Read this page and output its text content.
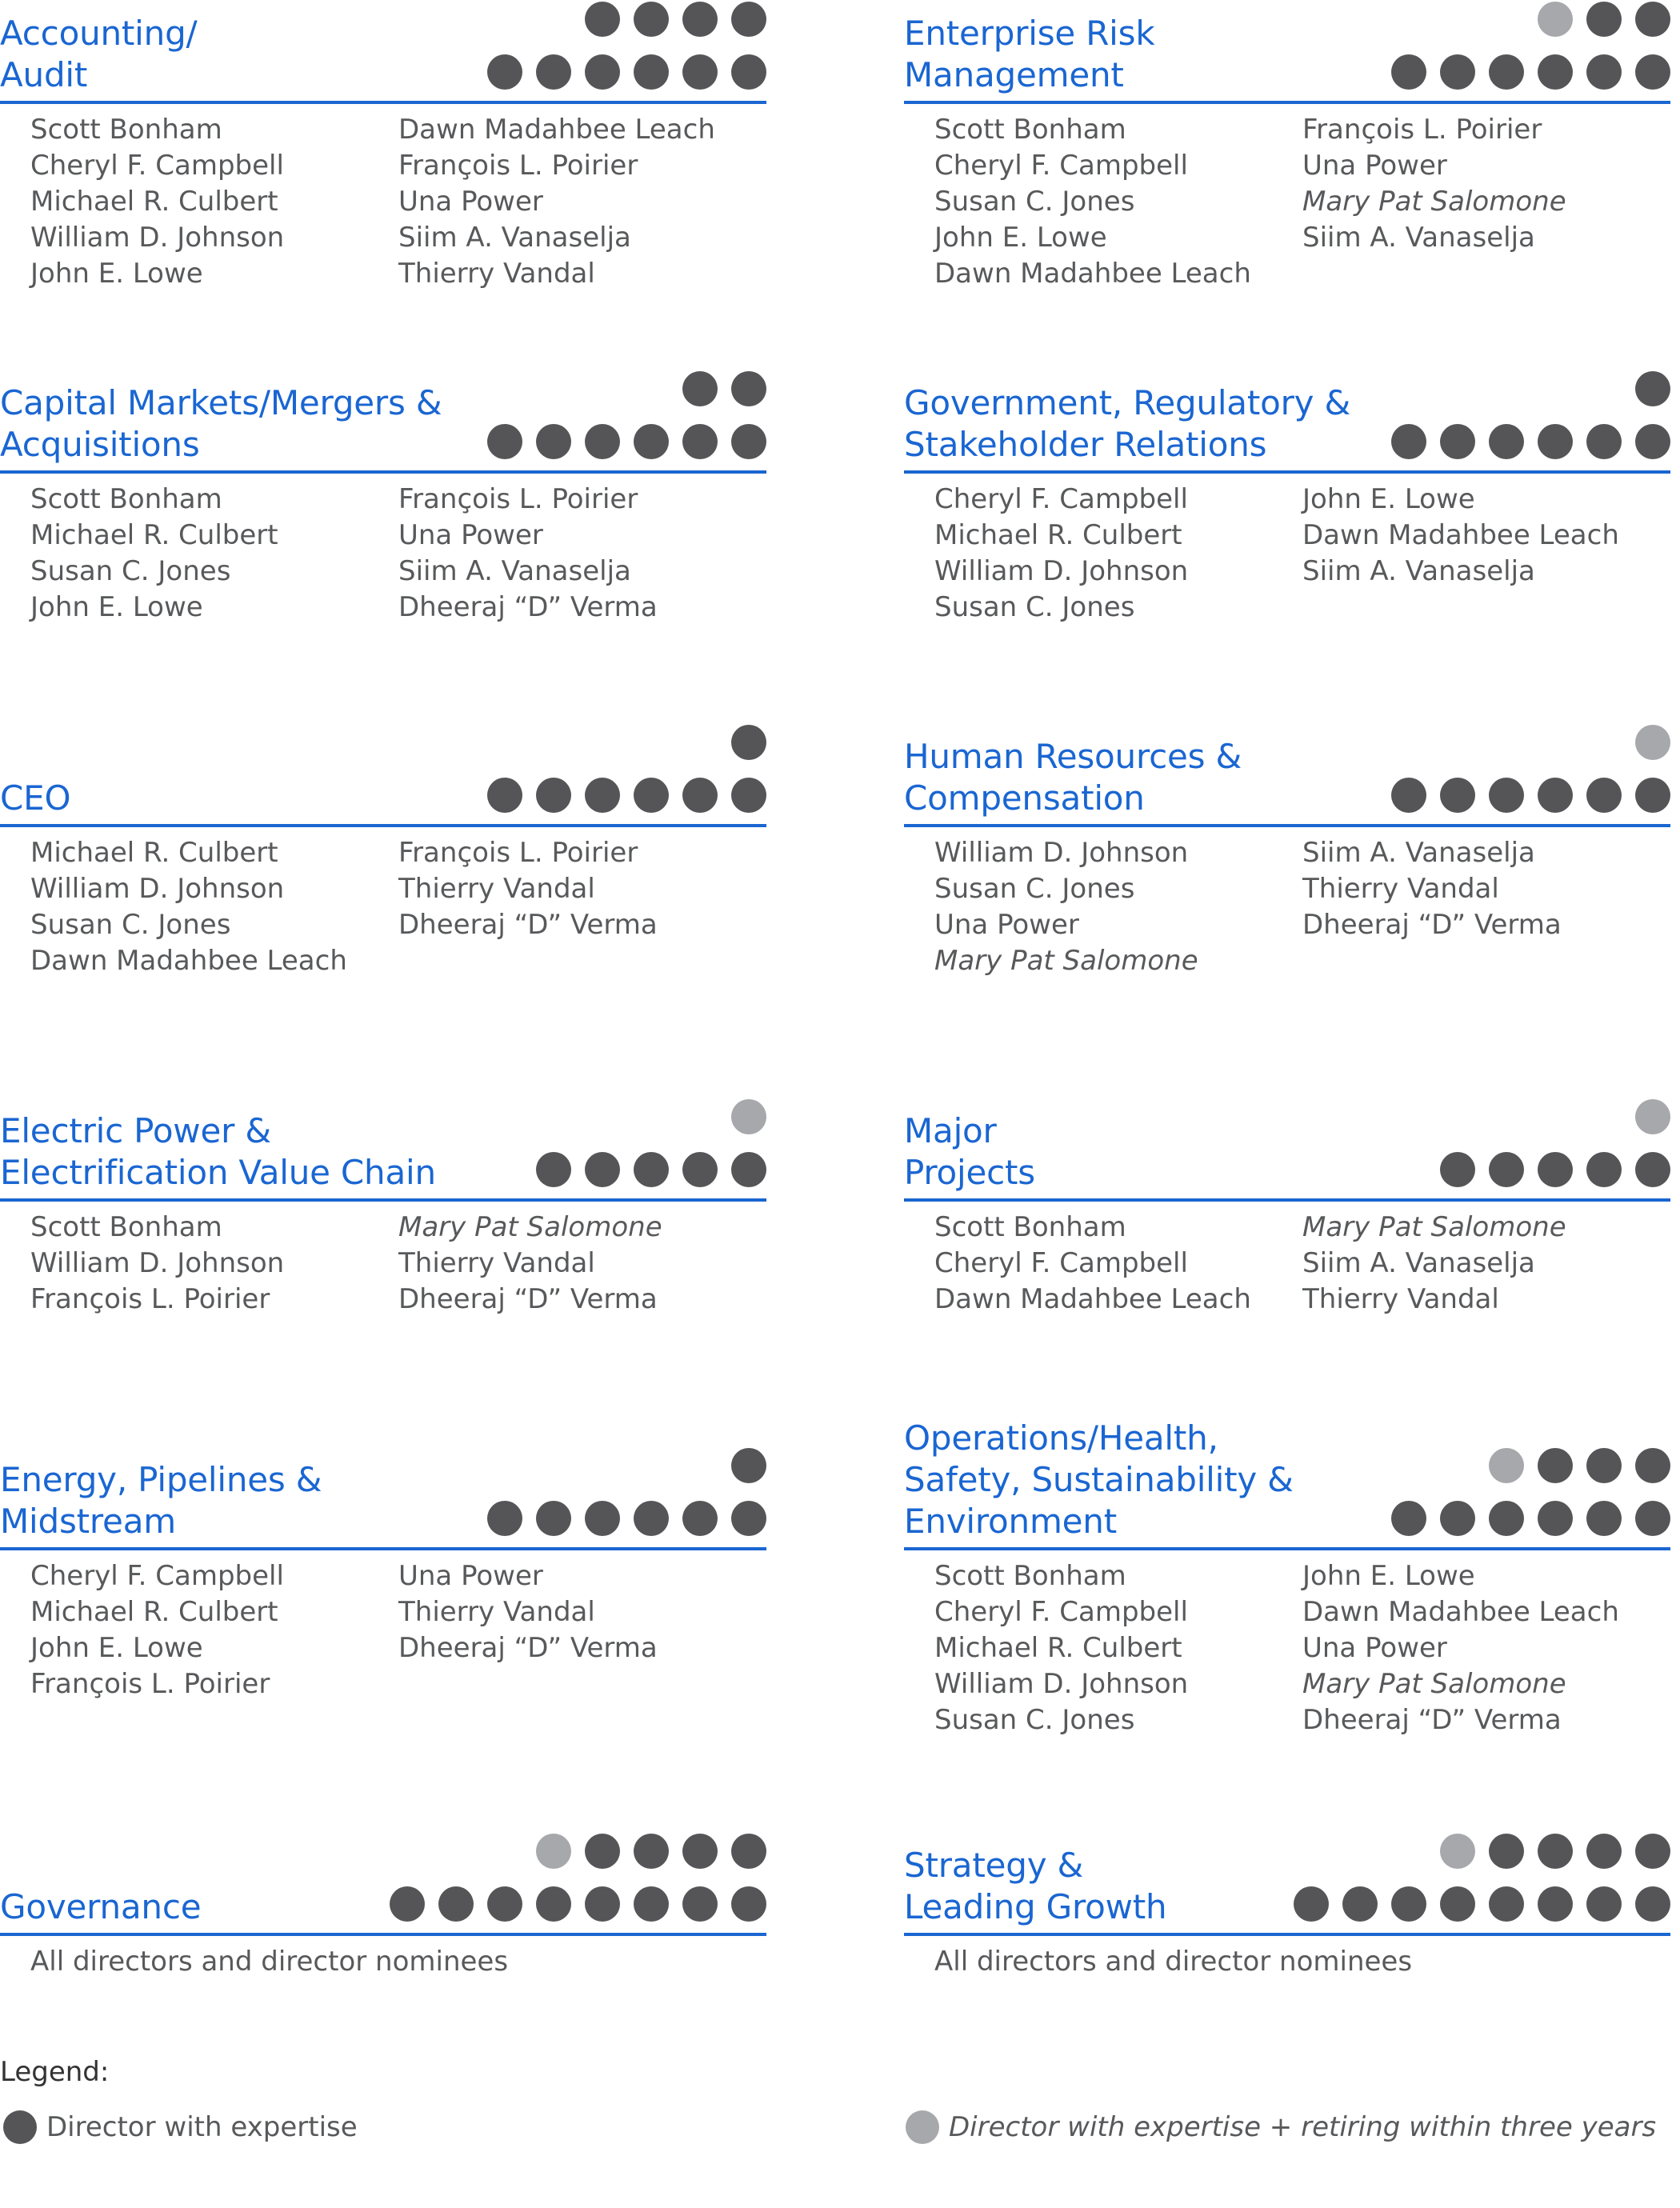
Accounting/
Audit
Scott Bonham
Cheryl F. Campbell
Michael R. Culbert
William D. Johnson
John E. Lowe
Dawn Madahbee Leach
François L. Poirier
Una Power
Siim A. Vanaselja
Thierry Vandal
Enterprise Risk
Management
Scott Bonham
Cheryl F. Campbell
Susan C. Jones
John E. Lowe
Dawn Madahbee Leach
François L. Poirier
Una Power
Mary Pat Salomone
Siim A. Vanaselja
Capital Markets/Mergers &
Acquisitions
Scott Bonham
Michael R. Culbert
Susan C. Jones
John E. Lowe
François L. Poirier
Una Power
Siim A. Vanaselja
Dheeraj “D” Verma
Government, Regulatory &
Stakeholder Relations
Cheryl F. Campbell
Michael R. Culbert
William D. Johnson
Susan C. Jones
John E. Lowe
Dawn Madahbee Leach
Siim A. Vanaselja
CEO
Michael R. Culbert
William D. Johnson
Susan C. Jones
Dawn Madahbee Leach
François L. Poirier
Thierry Vandal
Dheeraj “D” Verma
Human Resources &
Compensation
William D. Johnson
Susan C. Jones
Una Power
Mary Pat Salomone
Siim A. Vanaselja
Thierry Vandal
Dheeraj “D” Verma
Electric Power &
Electrification Value Chain
Scott Bonham
William D. Johnson
François L. Poirier
Mary Pat Salomone
Thierry Vandal
Dheeraj “D” Verma
Major
Projects
Scott Bonham
Cheryl F. Campbell
Dawn Madahbee Leach
Mary Pat Salomone
Siim A. Vanaselja
Thierry Vandal
Energy, Pipelines &
Midstream
Cheryl F. Campbell
Michael R. Culbert
John E. Lowe
François L. Poirier
Una Power
Thierry Vandal
Dheeraj “D” Verma
Operations/Health,
Safety, Sustainability &
Environment
Scott Bonham
Cheryl F. Campbell
Michael R. Culbert
William D. Johnson
Susan C. Jones
John E. Lowe
Dawn Madahbee Leach
Una Power
Mary Pat Salomone
Dheeraj “D” Verma
Governance
All directors and director nominees
Strategy &
Leading Growth
All directors and director nominees
Legend:
Director with expertise	Director with expertise + retiring within three years
